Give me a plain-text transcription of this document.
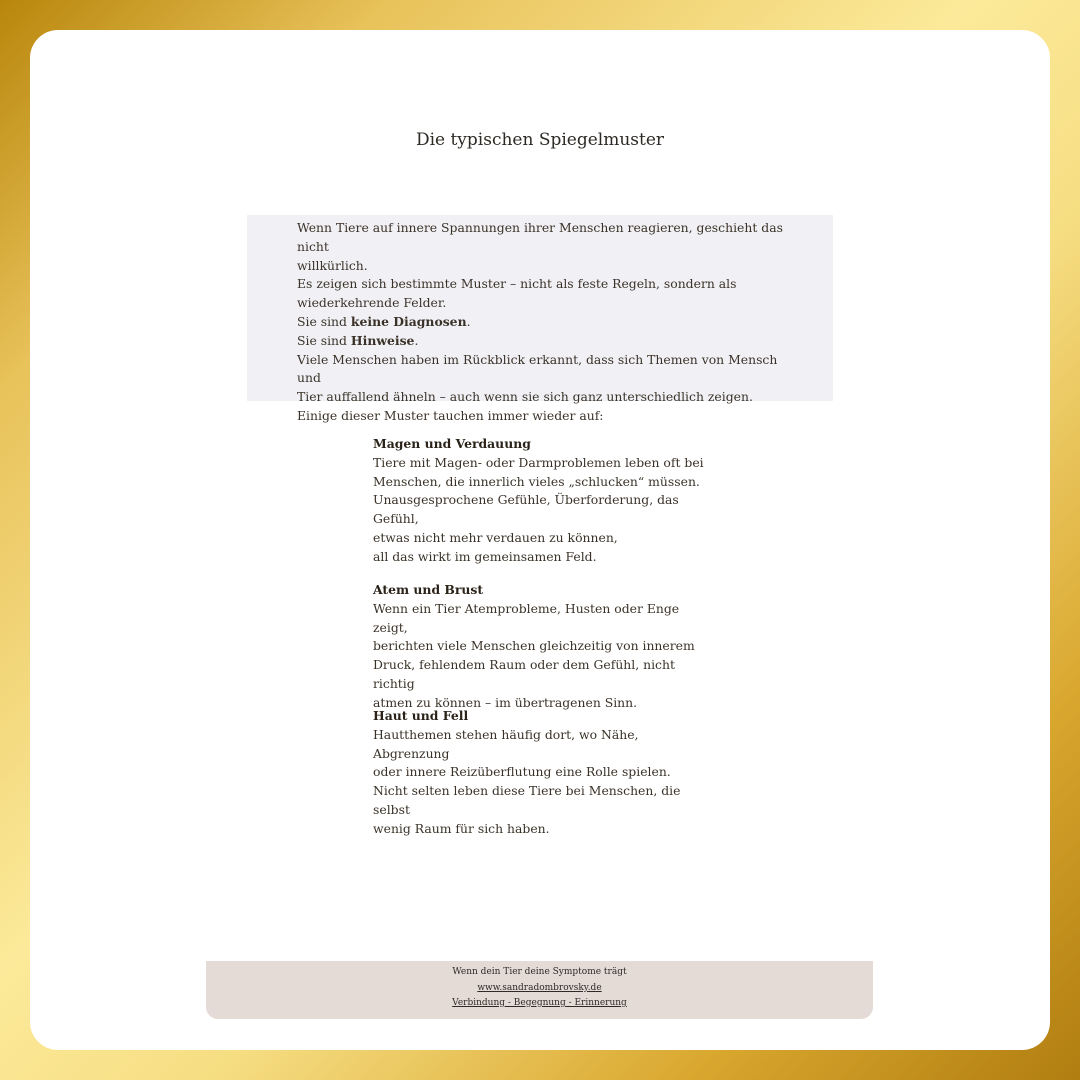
Die typischen Spiegelmuster

Wenn Tiere auf innere Spannungen ihrer Menschen reagieren, geschieht das nicht

willkürlich.

Es zeigen sich bestimmte Muster – nicht als feste Regeln, sondern als

wiederkehrende Felder.

Sie sind keine Diagnosen.

Sie sind Hinweise.

Viele Menschen haben im Rückblick erkannt, dass sich Themen von Mensch und

Tier auffallend ähneln – auch wenn sie sich ganz unterschiedlich zeigen.

Einige dieser Muster tauchen immer wieder auf:

Magen und Verdauung

Tiere mit Magen- oder Darmproblemen leben oft bei

Menschen, die innerlich vieles „schlucken“ müssen.

Unausgesprochene Gefühle, Überforderung, das Gefühl,

etwas nicht mehr verdauen zu können,

all das wirkt im gemeinsamen Feld.

Atem und Brust

Wenn ein Tier Atemprobleme, Husten oder Enge zeigt,

berichten viele Menschen gleichzeitig von innerem

Druck, fehlendem Raum oder dem Gefühl, nicht richtig

atmen zu können – im übertragenen Sinn.

Haut und Fell

Hautthemen stehen häufig dort, wo Nähe, Abgrenzung

oder innere Reizüberflutung eine Rolle spielen.

Nicht selten leben diese Tiere bei Menschen, die selbst

wenig Raum für sich haben.

Wenn dein Tier deine Symptome trägt
www.sandradombrovsky.de
Verbindung - Begegnung - Erinnerung
